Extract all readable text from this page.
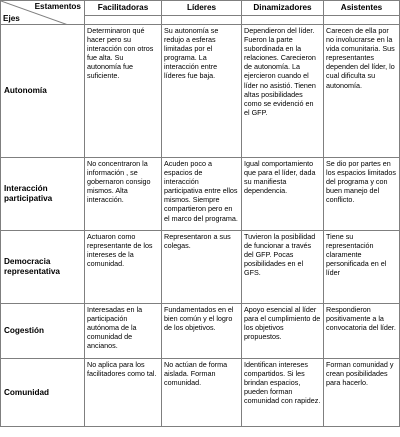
Estamentos
Ejes	Facilitadoras	Líderes	Dinamizadores	Asistentes

Autonomía	Determinaron qué hacer pero su interacción con otros fue alta. Su autonomía fue suficiente.	Su autonomía se redujo a esferas limitadas por el programa. La interacción entre líderes fue baja.	Dependieron del líder. Fueron la parte subordinada en la relaciones. Carecieron de autonomía. La ejercieron cuando el líder no asistió. Tienen altas posibilidades como se evidenció en el GFP.	Carecen de ella por no involucrarse en la vida comunitaria. Sus representantes dependen del líder, lo cual dificulta su autonomía.
Interacción participativa	No concentraron la información , se gobernaron consigo mismos. Alta interacción.	Acuden poco a espacios de interacción participativa entre ellos mismos. Siempre compartieron pero en el marco del programa.	Igual comportamiento que para el líder, dada su manifiesta dependencia.	Se dio por partes en los espacios limitados del programa y con buen manejo del conflicto.
Democracia representativa	Actuaron como representante de los intereses de la comunidad.	Representaron a sus colegas.	Tuvieron la posibilidad de funcionar a través del GFP. Pocas posibilidades en el GFS.	Tiene su representación claramente personificada en el líder
Cogestión	Interesadas en la participación autónoma de la comunidad de ancianos.	Fundamentados en el bien común y el logro de los objetivos.	Apoyo esencial al líder para el cumplimiento de los objetivos propuestos.	Respondieron positivamente a la convocatoria del líder.
Comunidad	No aplica para los facilitadores como tal.	No actúan de forma aislada. Forman comunidad.	Identifican intereses compartidos. Si les brindan espacios, pueden forman comunidad con rapidez.	Forman comunidad y crean posibilidades para hacerlo.
